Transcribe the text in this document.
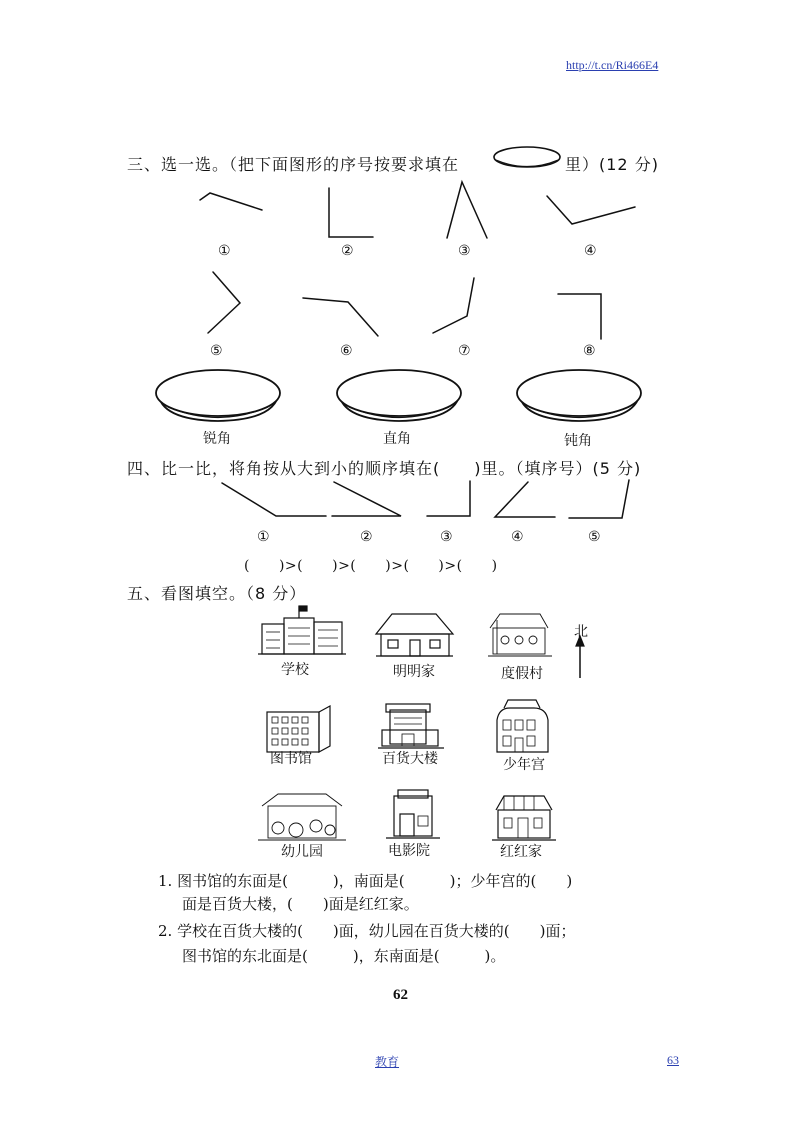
http://t.cn/Ri466E4
三、选一选。（把下面图形的序号按要求填在	里）(12 分)
①	②	③	④
⑤	⑥	⑦	⑧
锐角	直角	钝角
四、比一比，将角按从大到小的顺序填在(　　)里。（填序号）(5 分)
①	②	③	④	⑤
(　　)>(　　)>(　　)>(　　)>(　　)
五、看图填空。（8 分）
北
学校	明明家	度假村
图书馆	百货大楼	少年宫
幼儿园	电影院	红红家
1. 图书馆的东面是(　　　)，南面是(　　　)；少年宫的(　　)
面是百货大楼，(　　)面是红红家。
2. 学校在百货大楼的(　　)面，幼儿园在百货大楼的(　　)面；
图书馆的东北面是(　　　)，东南面是(　　　)。
62
教育	63
